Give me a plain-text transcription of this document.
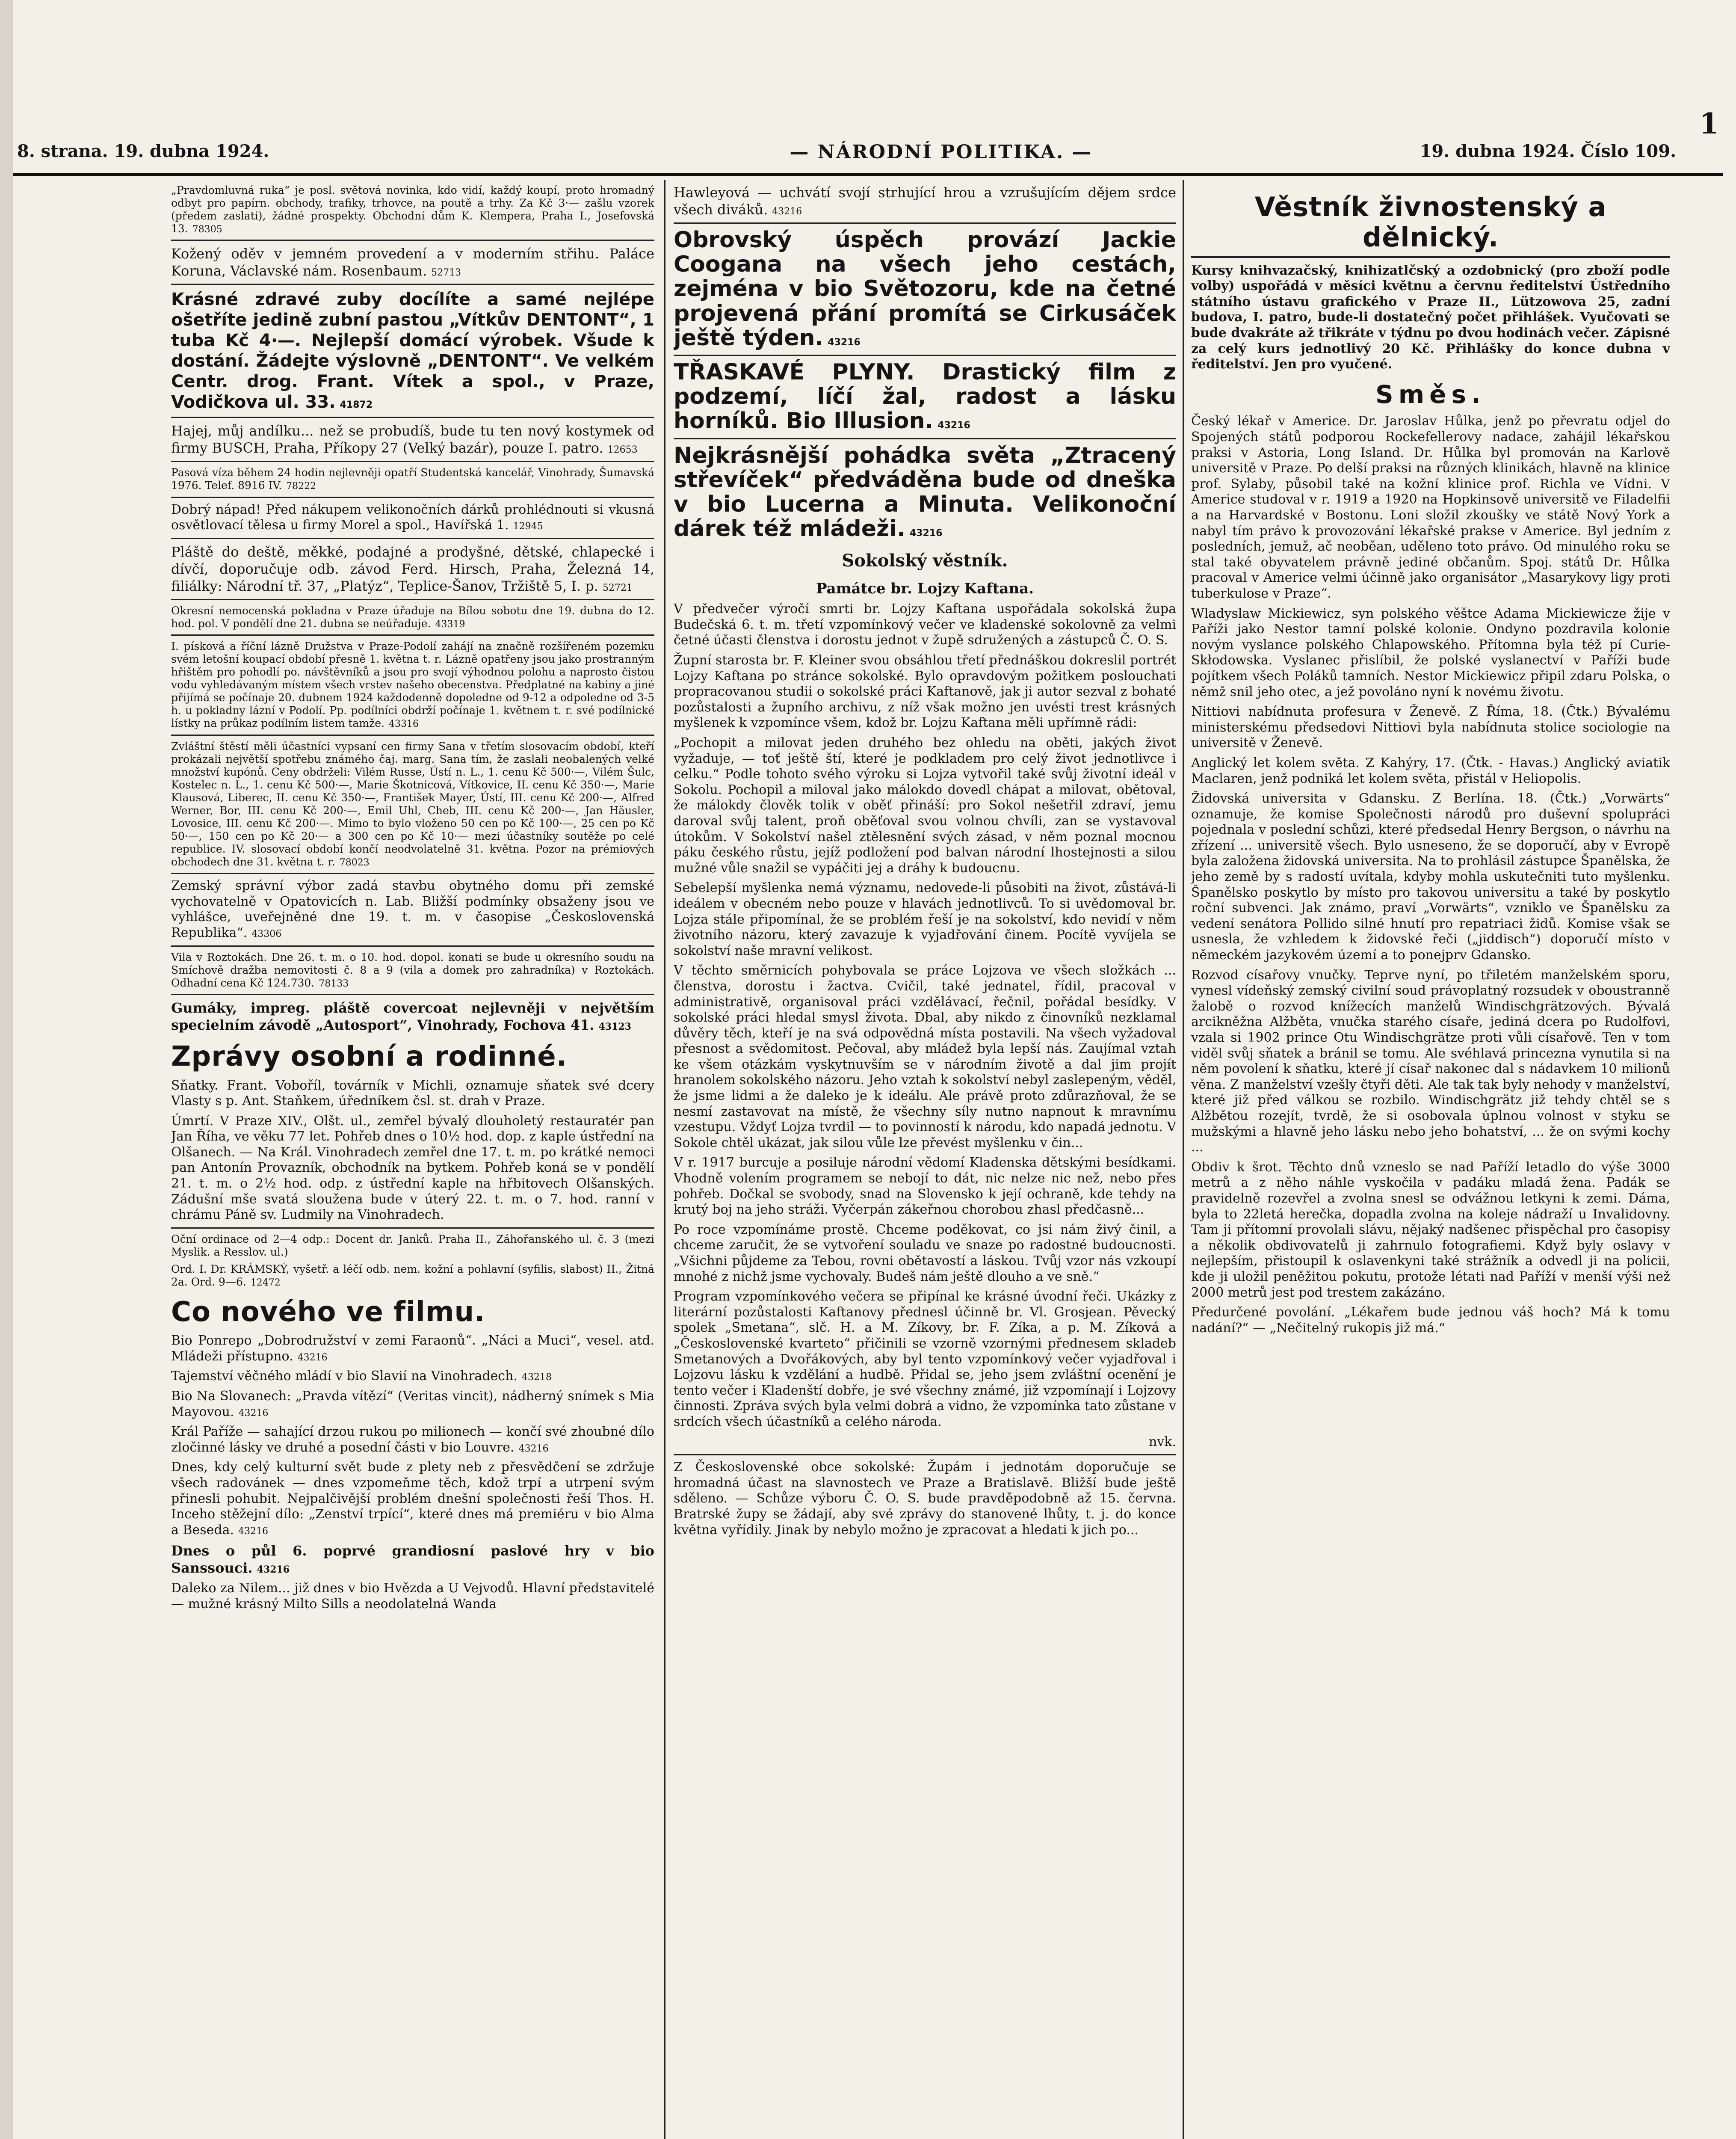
1
8. strana. 19. dubna 1924.	— NÁRODNÍ POLITIKA. —	19. dubna 1924. Číslo 109.
„Pravdomluvná ruka“ je posl. světová novinka, kdo vidí, každý koupí, proto hromadný odbyt pro papírn. obchody, trafiky, trhovce, na poutě a trhy. Za Kč 3·— zašlu vzorek (předem zaslati), žádné prospekty. Obchodní dům K. Klempera, Praha I., Josefovská 13. 78305
Kožený oděv v jemném provedení a v moderním střihu. Paláce Koruna, Václavské nám. Rosenbaum. 52713
Krásné zdravé zuby docílíte a samé nejlépe ošetříte jedině zubní pastou „Vítkův DENTONT“, 1 tuba Kč 4·—. Nejlepší domácí výrobek. Všude k dostání. Žádejte výslovně „DENTONT“. Ve velkém Centr. drog. Frant. Vítek a spol., v Praze, Vodičkova ul. 33. 41872
Hajej, můj andílku... než se probudíš, bude tu ten nový kostymek od firmy BUSCH, Praha, Příkopy 27 (Velký bazár), pouze I. patro. 12653
Pasová víza během 24 hodin nejlevněji opatří Studentská kancelář, Vinohrady, Šumavská 1976. Telef. 8916 IV. 78222
Dobrý nápad! Před nákupem velikonočních dárků prohlédnouti si vkusná osvětlovací tělesa u firmy Morel a spol., Havířská 1. 12945
Pláště do deště, měkké, podajné a prodyšné, dětské, chlapecké i dívčí, doporučuje odb. závod Ferd. Hirsch, Praha, Železná 14, filiálky: Národní tř. 37, „Platýz“, Teplice-Šanov, Tržiště 5, I. p. 52721
Okresní nemocenská pokladna v Praze úřaduje na Bílou sobotu dne 19. dubna do 12. hod. pol. V pondělí dne 21. dubna se neúřaduje. 43319
I. písková a říční lázně Družstva v Praze-Podolí zahájí na značně rozšířeném pozemku svém letošní koupací období přesně 1. května t. r. Lázně opatřeny jsou jako prostranným hřištěm pro pohodlí po. návštěvníků a jsou pro svojí výhodnou polohu a naprosto čistou vodu vyhledávaným místem všech vrstev našeho obecenstva. Předplatné na kabiny a jiné přijímá se počínaje 20. dubnem 1924 každodenně dopoledne od 9-12 a odpoledne od 3-5 h. u pokladny lázní v Podolí. Pp. podílníci obdrží počínaje 1. květnem t. r. své podílnické lístky na průkaz podílním listem tamže. 43316
Zvláštní štěstí měli účastníci vypsaní cen firmy Sana v třetím slosovacím období, kteří prokázali největší spotřebu známého čaj. marg. Sana tím, že zaslali neobalených velké množství kupónů. Ceny obdrželi: Vilém Russe, Ústí n. L., 1. cenu Kč 500·—, Vilém Šulc, Kostelec n. L., 1. cenu Kč 500·—, Marie Škotnicová, Vítkovice, II. cenu Kč 350·—, Marie Klausová, Liberec, II. cenu Kč 350·—, František Mayer, Ústí, III. cenu Kč 200·—, Alfred Werner, Bor, III. cenu Kč 200·—, Emil Uhl, Cheb, III. cenu Kč 200·—, Jan Häusler, Lovosice, III. cenu Kč 200·—. Mimo to bylo vloženo 50 cen po Kč 100·—, 25 cen po Kč 50·—, 150 cen po Kč 20·— a 300 cen po Kč 10·— mezi účastníky soutěže po celé republice. IV. slosovací období končí neodvolatelně 31. května. Pozor na prémiových obchodech dne 31. května t. r. 78023
Zemský správní výbor zadá stavbu obytného domu při zemské vychovatelně v Opatovicích n. Lab. Bližší podmínky obsaženy jsou ve vyhlášce, uveřejněné dne 19. t. m. v časopise „Československá Republika“. 43306
Vila v Roztokách. Dne 26. t. m. o 10. hod. dopol. konati se bude u okresního soudu na Smíchově dražba nemovitosti č. 8 a 9 (vila a domek pro zahradníka) v Roztokách. Odhadní cena Kč 124.730. 78133
Gumáky, impreg. pláště covercoat nejlevněji v největším specielním závodě „Autosport“, Vinohrady, Fochova 41. 43123
Zprávy osobní a rodinné.

Sňatky. Frant. Voboříl, továrník v Michli, oznamuje sňatek své dcery Vlasty s p. Ant. Staňkem, úředníkem čsl. st. drah v Praze.

Úmrtí. V Praze XIV., Olšt. ul., zemřel bývalý dlouholetý restauratér pan Jan Říha, ve věku 77 let. Pohřeb dnes o 10½ hod. dop. z kaple ústřední na Olšanech. — Na Král. Vinohradech zemřel dne 17. t. m. po krátké nemoci pan Antonín Provazník, obchodník na bytkem. Pohřeb koná se v pondělí 21. t. m. o 2½ hod. odp. z ústřední kaple na hřbitovech Olšanských. Zádušní mše svatá sloužena bude v úterý 22. t. m. o 7. hod. ranní v chrámu Páně sv. Ludmily na Vinohradech.

Oční ordinace od 2—4 odp.: Docent dr. Janků. Praha II., Záhořanského ul. č. 3 (mezi Myslik. a Resslov. ul.)
Ord. I. Dr. KRÁMSKÝ, vyšetř. a léčí odb. nem. kožní a pohlavní (syfilis, slabost) II., Žitná 2a. Ord. 9—6. 12472
Co nového ve filmu.
Bio Ponrepo „Dobrodružství v zemi Faraonů“. „Náci a Muci“, vesel. atd. Mládeži přístupno. 43216
Tajemství věčného mládí v bio Slavií na Vinohradech. 43218
Bio Na Slovanech: „Pravda vítězí“ (Veritas vincit), nádherný snímek s Mia Mayovou. 43216
Král Paříže — sahající drzou rukou po milionech — končí své zhoubné dílo zločinné lásky ve druhé a posední části v bio Louvre. 43216
Dnes, kdy celý kulturní svět bude z plety neb z přesvědčení se zdržuje všech radovánek — dnes vzpomeňme těch, kdož trpí a utrpení svým přinesli pohubit. Nejpalčivější problém dnešní společnosti řeší Thos. H. Inceho stěžejní dílo: „Zenství trpící“, které dnes má premiéru v bio Alma a Beseda. 43216
Dnes o půl 6. poprvé grandiosní paslové hry v bio Sanssouci. 43216
Daleko za Nilem... již dnes v bio Hvězda a U Vejvodů. Hlavní představitelé — mužné krásný Milto Sills a neodolatelná Wanda
Hawleyová — uchvátí svojí strhující hrou a vzrušujícím dějem srdce všech diváků. 43216
Obrovský úspěch provází Jackie Coogana na všech jeho cestách, zejména v bio Světozoru, kde na četné projevená přání promítá se Cirkusáček ještě týden. 43216
TŘASKAVÉ PLYNY. Drastický film z podzemí, líčí žal, radost a lásku horníků. Bio Illusion. 43216
Nejkrásnější pohádka světa „Ztracený střevíček“ předváděna bude od dneška v bio Lucerna a Minuta. Velikonoční dárek též mládeži. 43216
Sokolský věstník.
Památce br. Lojzy Kaftana.

V předvečer výročí smrti br. Lojzy Kaftana uspořádala sokolská župa Budečská 6. t. m. třetí vzpomínkový večer ve kladenské sokolovně za velmi četné účasti členstva i dorostu jednot v župě sdružených a zástupců Č. O. S.

Župní starosta br. F. Kleiner svou obsáhlou třetí přednáškou dokreslil portrét Lojzy Kaftana po stránce sokolské. Bylo opravdovým požitkem poslouchati propracovanou studii o sokolské práci Kaftanově, jak ji autor sezval z bohaté pozůstalosti a župního archivu, z níž však možno jen uvésti trest krásných myšlenek k vzpomínce všem, kdož br. Lojzu Kaftana měli upřímně rádi:

„Pochopit a milovat jeden druhého bez ohledu na oběti, jakých život vyžaduje, — toť ještě ští, které je podkladem pro celý život jednotlivce i celku.“ Podle tohoto svého výroku si Lojza vytvořil také svůj životní ideál v Sokolu. Pochopil a miloval jako málokdo dovedl chápat a milovat, obětoval, že málokdy člověk tolik v oběť přináší: pro Sokol nešetřil zdraví, jemu daroval svůj talent, proň oběťoval svou volnou chvíli, zan se vystavoval útokům. V Sokolství našel ztělesnění svých zásad, v něm poznal mocnou páku českého růstu, jejíž podložení pod balvan národní lhostejnosti a silou mužné vůle snažil se vypáčiti jej a dráhy k budoucnu.

Sebelepší myšlenka nemá významu, nedovede-li působiti na život, zůstává-li ideálem v obecném nebo pouze v hlavách jednotlivců. To si uvědomoval br. Lojza stále připomínal, že se problém řeší je na sokolství, kdo nevidí v něm životního názoru, který zavazuje k vyjadřování činem. Pocítě vyvíjela se sokolství naše mravní velikost.

V těchto směrnicích pohybovala se práce Lojzova ve všech složkách ... členstva, dorostu i žactva. Cvičil, také jednatel, řídil, pracoval v administrativě, organisoval práci vzdělávací, řečnil, pořádal besídky. V sokolské práci hledal smysl života. Dbal, aby nikdo z činovníků nezklamal důvěry těch, kteří je na svá odpovědná místa postavili. Na všech vyžadoval přesnost a svědomitost. Pečoval, aby mládež byla lepší nás. Zaujímal vztah ke všem otázkám vyskytnuvším se v národním životě a dal jim projít hranolem sokolského názoru. Jeho vztah k sokolství nebyl zaslepeným, věděl, že jsme lidmi a že daleko je k ideálu. Ale právě proto zdůrazňoval, že se nesmí zastavovat na místě, že všechny síly nutno napnout k mravnímu vzestupu. Vždyť Lojza tvrdil — to povinností k národu, kdo napadá jednotu. V Sokole chtěl ukázat, jak silou vůle lze převést myšlenku v čin...

V r. 1917 burcuje a posiluje národní vědomí Kladenska dětskými besídkami. Vhodně volením programem se nebojí to dát, nic nelze nic než, nebo přes pohřeb. Dočkal se svobody, snad na Slovensko k její ochraně, kde tehdy na krutý boj na jeho stráži. Vyčerpán zákeřnou chorobou zhasl předčasně...

Po roce vzpomínáme prostě. Chceme poděkovat, co jsi nám živý činil, a chceme zaručit, že se vytvoření souladu ve snaze po radostné budoucnosti. „Všichni půjdeme za Tebou, rovni obětavostí a láskou. Tvůj vzor nás vzkoupí mnohé z nichž jsme vychovaly. Budeš nám ještě dlouho a ve sně.“

Program vzpomínkového večera se připínal ke krásné úvodní řeči. Ukázky z literární pozůstalosti Kaftanovy přednesl účinně br. Vl. Grosjean. Pěvecký spolek „Smetana“, slč. H. a M. Zíkovy, br. F. Zíka, a p. M. Zíková a „Československé kvarteto“ přičinili se vzorně vzornými přednesem skladeb Smetanových a Dvořákových, aby byl tento vzpomínkový večer vyjadřoval i Lojzovu lásku k vzdělání a hudbě. Přidal se, jeho jsem zvláštní ocenění je tento večer i Kladenští dobře, je své všechny známé, již vzpomínají i Lojzovy činnosti. Zpráva svých byla velmi dobrá a vidno, že vzpomínka tato zůstane v srdcích všech účastníků a celého národa.

nvk.

Z Československé obce sokolské: Župám i jednotám doporučuje se hromadná účast na slavnostech ve Praze a Bratislavě. Bližší bude ještě sděleno. — Schůze výboru Č. O. S. bude pravděpodobně až 15. června. Bratrské župy se žádají, aby své zprávy do stanovené lhůty, t. j. do konce května vyřídily. Jinak by nebylo možno je zpracovat a hledati k jich po...

Věstník živnostenský a dělnický.

Kursy knihvazačský, knihizatlčský a ozdobnický (pro zboží podle volby) uspořádá v měsíci květnu a červnu ředitelství Ústředního státního ústavu grafického v Praze II., Lützowova 25, zadní budova, I. patro, bude-li dostatečný počet přihlášek. Vyučovati se bude dvakráte až třikráte v týdnu po dvou hodinách večer. Zápisné za celý kurs jednotlivý 20 Kč. Přihlášky do konce dubna v ředitelství. Jen pro vyučené.

Směs.

Český lékař v Americe. Dr. Jaroslav Hůlka, jenž po převratu odjel do Spojených států podporou Rockefellerovy nadace, zahájil lékařskou praksi v Astoria, Long Island. Dr. Hůlka byl promován na Karlově universitě v Praze. Po delší praksi na různých klinikách, hlavně na klinice prof. Sylaby, působil také na kožní klinice prof. Richla ve Vídni. V Americe studoval v r. 1919 a 1920 na Hopkinsově universitě ve Filadelfii a na Harvardské v Bostonu. Loni složil zkoušky ve státě Nový York a nabyl tím právo k provozování lékařské prakse v Americe. Byl jedním z posledních, jemuž, ač neoběan, uděleno toto právo. Od minulého roku se stal také obyvatelem právně jediné občanům. Spoj. států Dr. Hůlka pracoval v Americe velmi účinně jako organisátor „Masarykovy ligy proti tuberkulose v Praze“.

Wladyslaw Mickiewicz, syn polského věštce Adama Mickiewicze žije v Paříži jako Nestor tamní polské kolonie. Ondyno pozdravila kolonie novým vyslance polského Chlapowského. Přítomna byla též pí Curie-Skłodowska. Vyslanec přislíbil, že polské vyslanectví v Paříži bude pojítkem všech Poláků tamních. Nestor Mickiewicz připil zdaru Polska, o němž snil jeho otec, a jež povoláno nyní k novému životu.

Nittiovi nabídnuta profesura v Ženevě. Z Říma, 18. (Čtk.) Bývalému ministerskému předsedovi Nittiovi byla nabídnuta stolice sociologie na universitě v Ženevě.

Anglický let kolem světa. Z Kahýry, 17. (Čtk. - Havas.) Anglický aviatik Maclaren, jenž podniká let kolem světa, přistál v Heliopolis.

Židovská universita v Gdansku. Z Berlína. 18. (Čtk.) „Vorwärts“ oznamuje, že komise Společnosti národů pro duševní spolupráci pojednala v poslední schůzi, které předsedal Henry Bergson, o návrhu na zřízení ... universitě všech. Bylo usneseno, že se doporučí, aby v Evropě byla založena židovská universita. Na to prohlásil zástupce Španělska, že jeho země by s radostí uvítala, kdyby mohla uskutečniti tuto myšlenku. Španělsko poskytlo by místo pro takovou universitu a také by poskytlo roční subvenci. Jak známo, praví „Vorwärts“, vzniklo ve Španělsku za vedení senátora Pollido silné hnutí pro repatriaci židů. Komise však se usnesla, že vzhledem k židovské řeči („jiddisch“) doporučí místo v německém jazykovém území a to ponejprv Gdansko.

Rozvod císařovy vnučky. Teprve nyní, po třiletém manželském sporu, vynesl vídeňský zemský civilní soud právoplatný rozsudek v oboustranně žalobě o rozvod knížecích manželů Windischgrätzových. Bývalá arcikněžna Alžběta, vnučka starého císaře, jediná dcera po Rudolfovi, vzala si 1902 prince Otu Windischgrätze proti vůli císařově. Ten v tom viděl svůj sňatek a bránil se tomu. Ale svéhlavá princezna vynutila si na něm povolení k sňatku, které jí císař nakonec dal s nádavkem 10 milionů věna. Z manželství vzešly čtyři děti. Ale tak tak byly nehody v manželství, které již před válkou se rozbilo. Windischgrätz již tehdy chtěl se s Alžbětou rozejít, tvrdě, že si osobovala úplnou volnost v styku se mužskými a hlavně jeho lásku nebo jeho bohatství, ... že on svými kochy ...

Obdiv k šrot. Těchto dnů vzneslo se nad Paříží letadlo do výše 3000 metrů a z něho náhle vyskočila v padáku mladá žena. Padák se pravidelně rozevřel a zvolna snesl se odvážnou letkyni k zemi. Dáma, byla to 22letá herečka, dopadla zvolna na koleje nádraží u Invalidovny. Tam ji přítomní provolali slávu, nějaký nadšenec přispěchal pro časopisy a několik obdivovatelů ji zahrnulo fotografiemi. Když byly oslavy v nejlepším, přistoupil k oslavenkyni také strážník a odvedl ji na policii, kde ji uložil peněžitou pokutu, protože létati nad Paříží v menší výši než 2000 metrů jest pod trestem zakázáno.

Předurčené povolání. „Lékařem bude jednou váš hoch? Má k tomu nadání?“ — „Nečitelný rukopis již má.“
